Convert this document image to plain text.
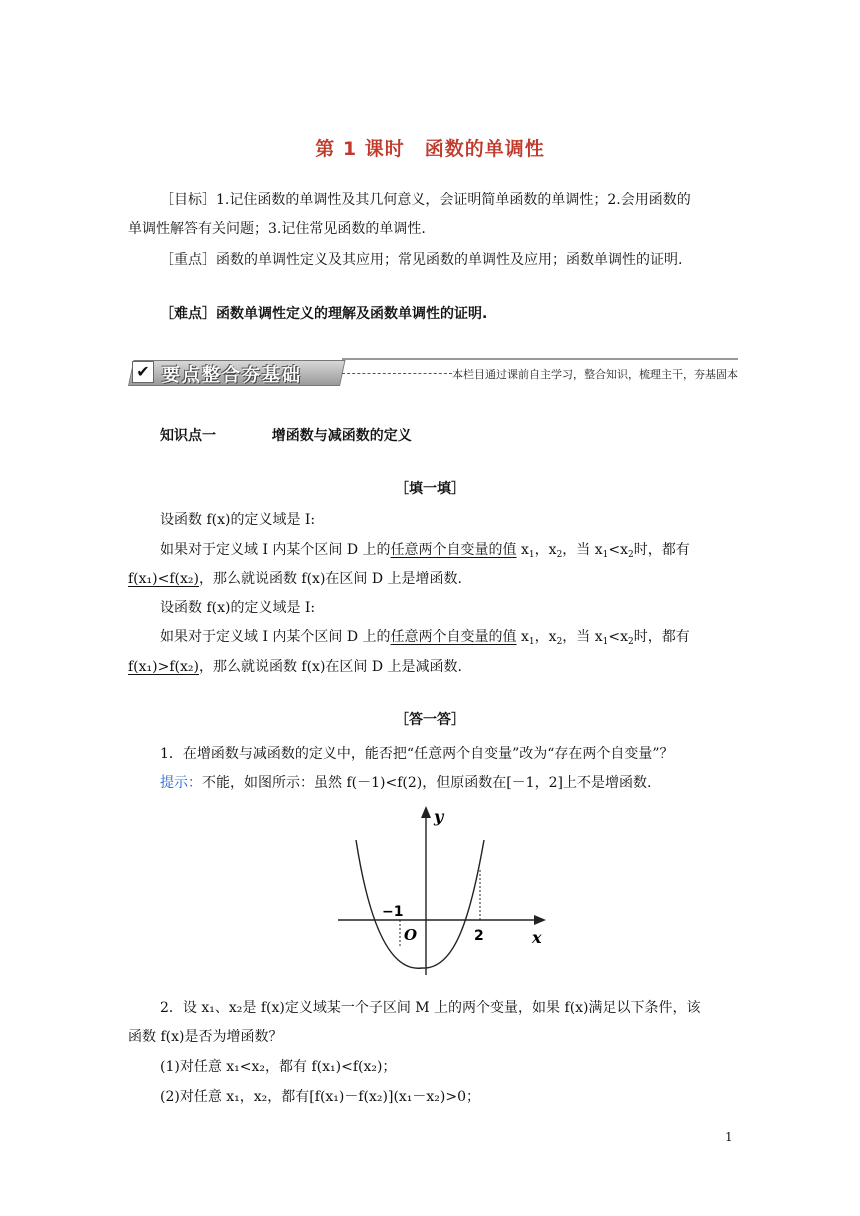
第 1 课时　函数的单调性
［目标］1.记住函数的单调性及其几何意义，会证明简单函数的单调性；2.会用函数的
单调性解答有关问题；3.记住常见函数的单调性.
［重点］函数的单调性定义及其应用；常见函数的单调性及应用；函数单调性的证明.
［难点］函数单调性定义的理解及函数单调性的证明.
✔ 要点整合夯基础	本栏目通过课前自主学习，整合知识，梳理主干，夯基固本
知识点一	增函数与减函数的定义
［填一填］
设函数 f(x)的定义域是 I:
如果对于定义域 I 内某个区间 D 上的任意两个自变量的值 $x_1$，$x_2$，当 $x_1<x_2$时，都有
f(x₁)<f(x₂)，那么就说函数 f(x)在区间 D 上是增函数.
设函数 f(x)的定义域是 I:
如果对于定义域 I 内某个区间 D 上的任意两个自变量的值 $x_1$，$x_2$，当 $x_1<x_2$时，都有
f(x₁)>f(x₂)，那么就说函数 f(x)在区间 D 上是减函数.
［答一答］
1．在增函数与减函数的定义中，能否把“任意两个自变量”改为“存在两个自变量”？
提示：不能，如图所示：虽然 f(－1)<f(2)，但原函数在[－1，2]上不是增函数.
y
x
O
−1
2
2．设 x₁、x₂是 f(x)定义域某一个子区间 M 上的两个变量，如果 f(x)满足以下条件，该
函数 f(x)是否为增函数？
(1)对任意 x₁<x₂，都有 f(x₁)<f(x₂)；
(2)对任意 x₁，x₂，都有[f(x₁)－f(x₂)](x₁－x₂)>0；
1
